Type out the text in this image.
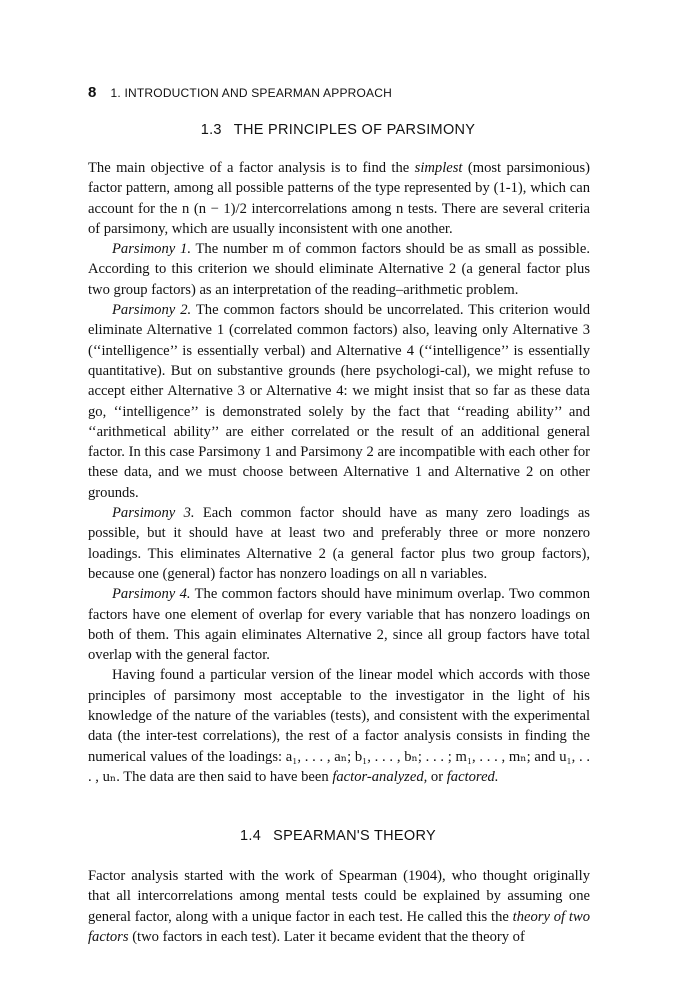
8 1. INTRODUCTION AND SPEARMAN APPROACH
1.3 THE PRINCIPLES OF PARSIMONY

The main objective of a factor analysis is to find the simplest (most parsimonious) factor pattern, among all possible patterns of the type represented by (1-1), which can account for the n (n − 1)/2 intercorrelations among n tests. There are several criteria of parsimony, which are usually inconsistent with one another.

Parsimony 1. The number m of common factors should be as small as possible. According to this criterion we should eliminate Alternative 2 (a general factor plus two group factors) as an interpretation of the reading–arithmetic problem.

Parsimony 2. The common factors should be uncorrelated. This criterion would eliminate Alternative 1 (correlated common factors) also, leaving only Alternative 3 (‘‘intelligence’’ is essentially verbal) and Alternative 4 (‘‘intelligence’’ is essentially quantitative). But on substantive grounds (here psychologi-cal), we might refuse to accept either Alternative 3 or Alternative 4: we might insist that so far as these data go, ‘‘intelligence’’ is demonstrated solely by the fact that ‘‘reading ability’’ and ‘‘arithmetical ability’’ are either correlated or the result of an additional general factor. In this case Parsimony 1 and Parsimony 2 are incompatible with each other for these data, and we must choose between Alternative 1 and Alternative 2 on other grounds.

Parsimony 3. Each common factor should have as many zero loadings as possible, but it should have at least two and preferably three or more nonzero loadings. This eliminates Alternative 2 (a general factor plus two group factors), because one (general) factor has nonzero loadings on all n variables.

Parsimony 4. The common factors should have minimum overlap. Two common factors have one element of overlap for every variable that has nonzero loadings on both of them. This again eliminates Alternative 2, since all group factors have total overlap with the general factor.

Having found a particular version of the linear model which accords with those principles of parsimony most acceptable to the investigator in the light of his knowledge of the nature of the variables (tests), and consistent with the experimental data (the inter-test correlations), the rest of a factor analysis consists in finding the numerical values of the loadings: a₁, . . . , aₙ; b₁, . . . , bₙ; . . . ; m₁, . . . , mₙ; and u₁, . . . , uₙ. The data are then said to have been factor-analyzed, or factored.

1.4 SPEARMAN'S THEORY

Factor analysis started with the work of Spearman (1904), who thought originally that all intercorrelations among mental tests could be explained by assuming one general factor, along with a unique factor in each test. He called this the theory of two factors (two factors in each test). Later it became evident that the theory of
